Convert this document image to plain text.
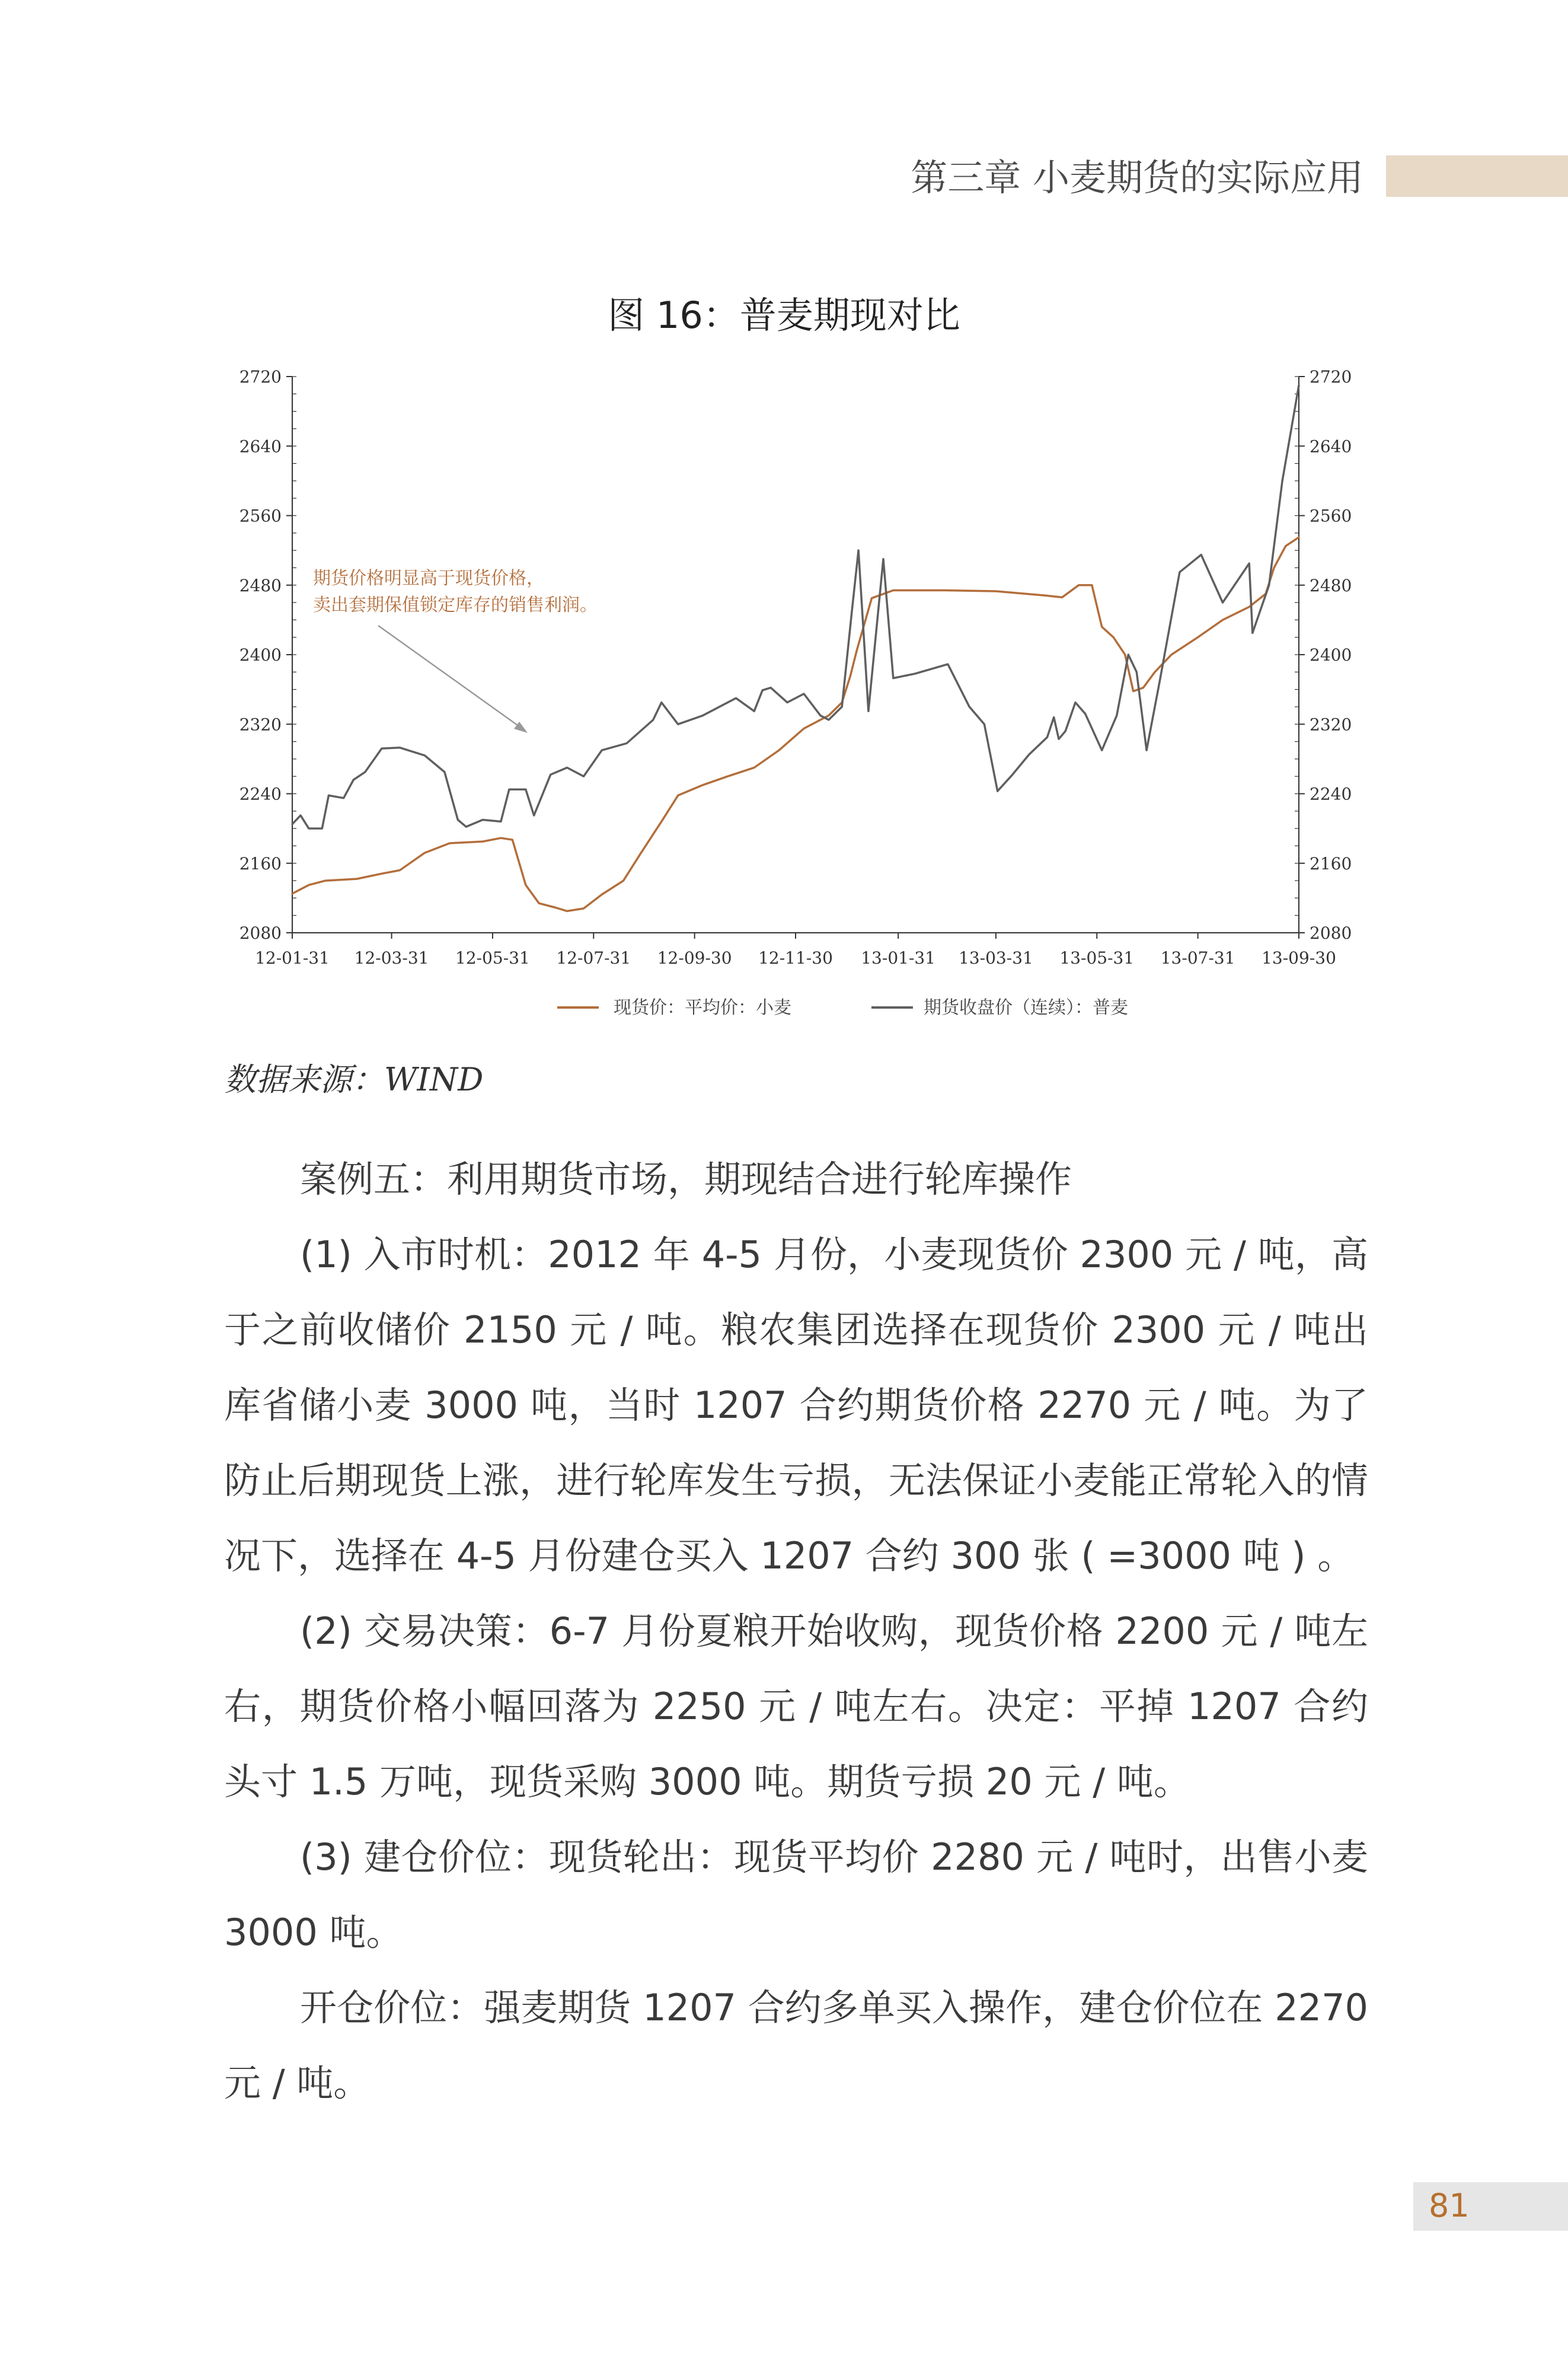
第三章 小麦期货的实际应用
图 16：普麦期现对比
2080	2080
2160	2160
2240	2240
2320	2320
2400	2400
2480	2480
2560	2560
2640	2640
2720	2720
12-01-31 12-03-31 12-05-31 12-07-31 12-09-30 12-11-30 13-01-31 13-03-31 13-05-31 13-07-31 13-09-30
期货价格明显高于现货价格，
卖出套期保值锁定库存的销售利润。
现货价：平均价：小麦	期货收盘价（连续）：普麦
数据来源：WIND

案例五：利用期货市场，期现结合进行轮库操作

(1) 入市时机：2012 年 4-5 月份，小麦现货价 2300 元 / 吨，高于之前收储价 2150 元 / 吨。粮农集团选择在现货价 2300 元 / 吨出库省储小麦 3000 吨，当时 1207 合约期货价格 2270 元 / 吨。为了防止后期现货上涨，进行轮库发生亏损，无法保证小麦能正常轮入的情况下，选择在 4-5 月份建仓买入 1207 合约 300 张 ( =3000 吨 ) 。

(2) 交易决策：6-7 月份夏粮开始收购，现货价格 2200 元 / 吨左右，期货价格小幅回落为 2250 元 / 吨左右。决定：平掉 1207 合约头寸 1.5 万吨，现货采购 3000 吨。期货亏损 20 元 / 吨。

(3) 建仓价位：现货轮出：现货平均价 2280 元 / 吨时，出售小麦 3000 吨。

开仓价位：强麦期货 1207 合约多单买入操作，建仓价位在 2270 元 / 吨。

81
